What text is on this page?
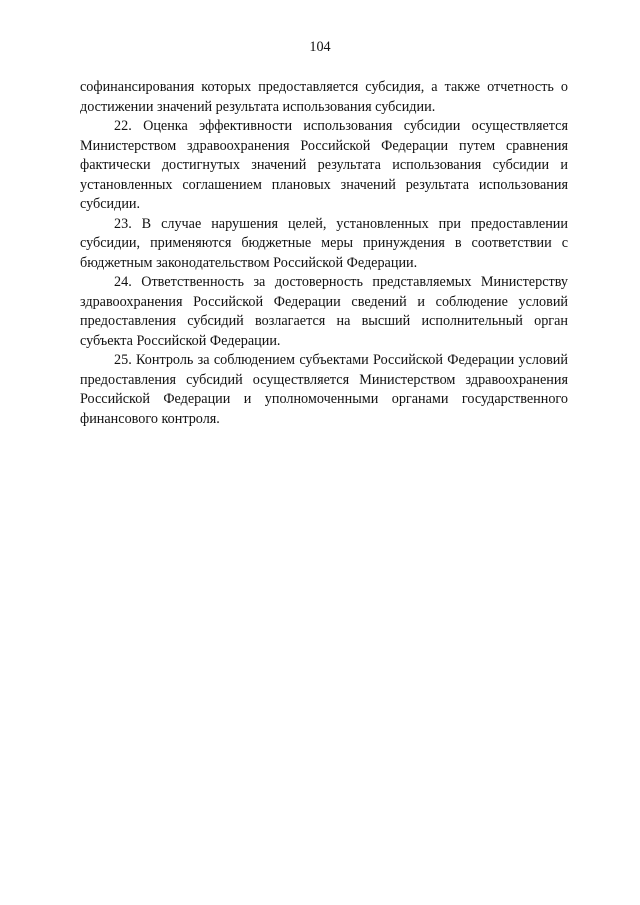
104

софинансирования которых предоставляется субсидия, а также отчетность о достижении значений результата использования субсидии.

22. Оценка эффективности использования субсидии осуществляется Министерством здравоохранения Российской Федерации путем сравнения фактически достигнутых значений результата использования субсидии и установленных соглашением плановых значений результата использования субсидии.

23. В случае нарушения целей, установленных при предоставлении субсидии, применяются бюджетные меры принуждения в соответствии с бюджетным законодательством Российской Федерации.

24. Ответственность за достоверность представляемых Министерству здравоохранения Российской Федерации сведений и соблюдение условий предоставления субсидий возлагается на высший исполнительный орган субъекта Российской Федерации.

25. Контроль за соблюдением субъектами Российской Федерации условий предоставления субсидий осуществляется Министерством здравоохранения Российской Федерации и уполномоченными органами государственного финансового контроля.
